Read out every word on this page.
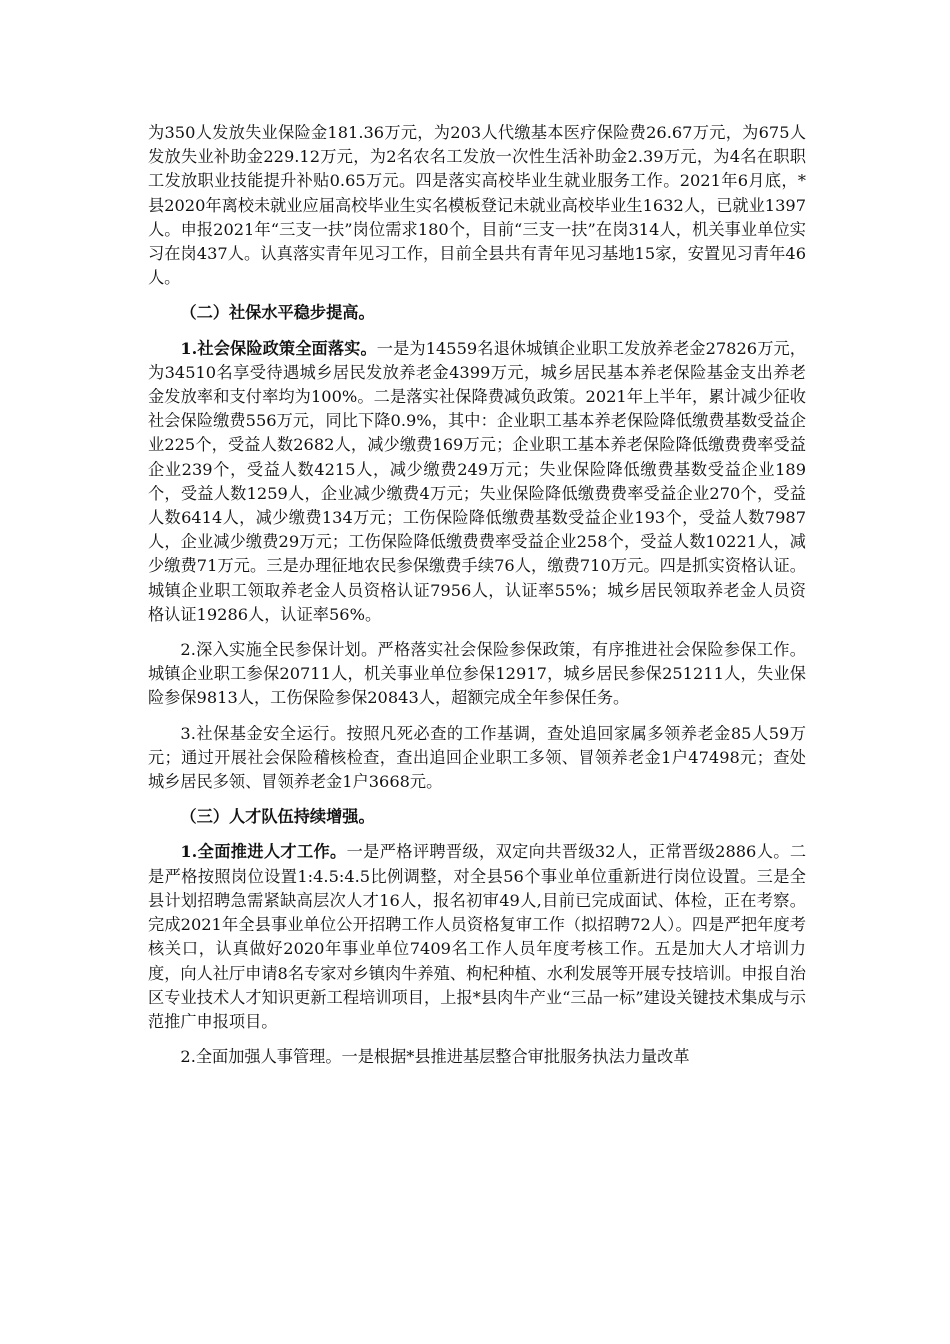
为350人发放失业保险金181.36万元，为203人代缴基本医疗保险费26.67万元，为675人发放失业补助金229.12万元，为2名农名工发放一次性生活补助金2.39万元，为4名在职职工发放职业技能提升补贴0.65万元。四是落实高校毕业生就业服务工作。2021年6月底，*县2020年离校未就业应届高校毕业生实名模板登记未就业高校毕业生1632人，已就业1397人。申报2021年“三支一扶”岗位需求180个，目前“三支一扶”在岗314人，机关事业单位实习在岗437人。认真落实青年见习工作，目前全县共有青年见习基地15家，安置见习青年46人。

（二）社保水平稳步提高。

1.社会保险政策全面落实。一是为14559名退休城镇企业职工发放养老金27826万元，为34510名享受待遇城乡居民发放养老金4399万元，城乡居民基本养老保险基金支出养老金发放率和支付率均为100%。二是落实社保降费减负政策。2021年上半年，累计减少征收社会保险缴费556万元，同比下降0.9%，其中：企业职工基本养老保险降低缴费基数受益企业225个，受益人数2682人，减少缴费169万元；企业职工基本养老保险降低缴费费率受益企业239个，受益人数4215人，减少缴费249万元；失业保险降低缴费基数受益企业189个，受益人数1259人，企业减少缴费4万元；失业保险降低缴费费率受益企业270个，受益人数6414人，减少缴费134万元；工伤保险降低缴费基数受益企业193个，受益人数7987人，企业减少缴费29万元；工伤保险降低缴费费率受益企业258个，受益人数10221人，减少缴费71万元。三是办理征地农民参保缴费手续76人，缴费710万元。四是抓实资格认证。城镇企业职工领取养老金人员资格认证7956人，认证率55%；城乡居民领取养老金人员资格认证19286人，认证率56%。

2.深入实施全民参保计划。严格落实社会保险参保政策，有序推进社会保险参保工作。城镇企业职工参保20711人，机关事业单位参保12917，城乡居民参保251211人，失业保险参保9813人，工伤保险参保20843人，超额完成全年参保任务。

3.社保基金安全运行。按照凡死必查的工作基调，查处追回家属多领养老金85人59万元；通过开展社会保险稽核检查，查出追回企业职工多领、冒领养老金1户47498元；查处城乡居民多领、冒领养老金1户3668元。

（三）人才队伍持续增强。

1.全面推进人才工作。一是严格评聘晋级，双定向共晋级32人，正常晋级2886人。二是严格按照岗位设置1:4.5:4.5比例调整，对全县56个事业单位重新进行岗位设置。三是全县计划招聘急需紧缺高层次人才16人，报名初审49人,目前已完成面试、体检，正在考察。完成2021年全县事业单位公开招聘工作人员资格复审工作（拟招聘72人）。四是严把年度考核关口，认真做好2020年事业单位7409名工作人员年度考核工作。五是加大人才培训力度，向人社厅申请8名专家对乡镇肉牛养殖、枸杞种植、水利发展等开展专技培训。申报自治区专业技术人才知识更新工程培训项目，上报*县肉牛产业“三品一标”建设关键技术集成与示范推广申报项目。

2.全面加强人事管理。一是根据*县推进基层整合审批服务执法力量改革
